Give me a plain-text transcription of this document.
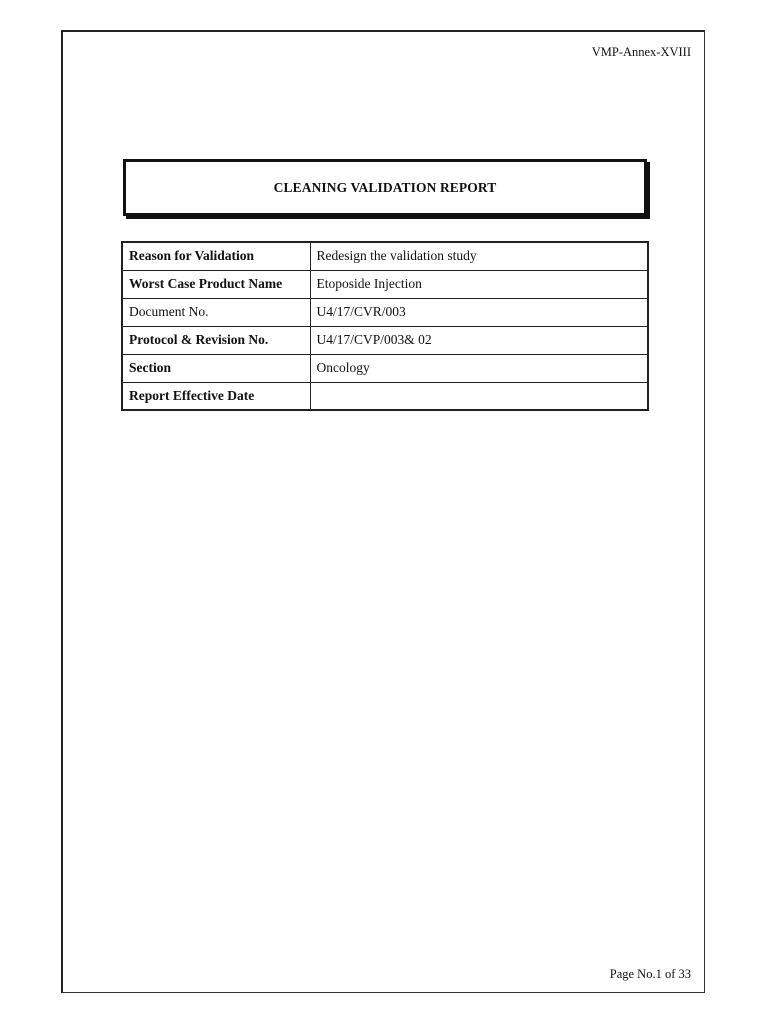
VMP-Annex-XVIII
CLEANING VALIDATION REPORT
Reason for Validation	Redesign the validation study
Worst Case Product Name	Etoposide Injection
Document No.	U4/17/CVR/003
Protocol & Revision No.	U4/17/CVP/003& 02
Section	Oncology
Report Effective Date	
Page No.1 of 33
